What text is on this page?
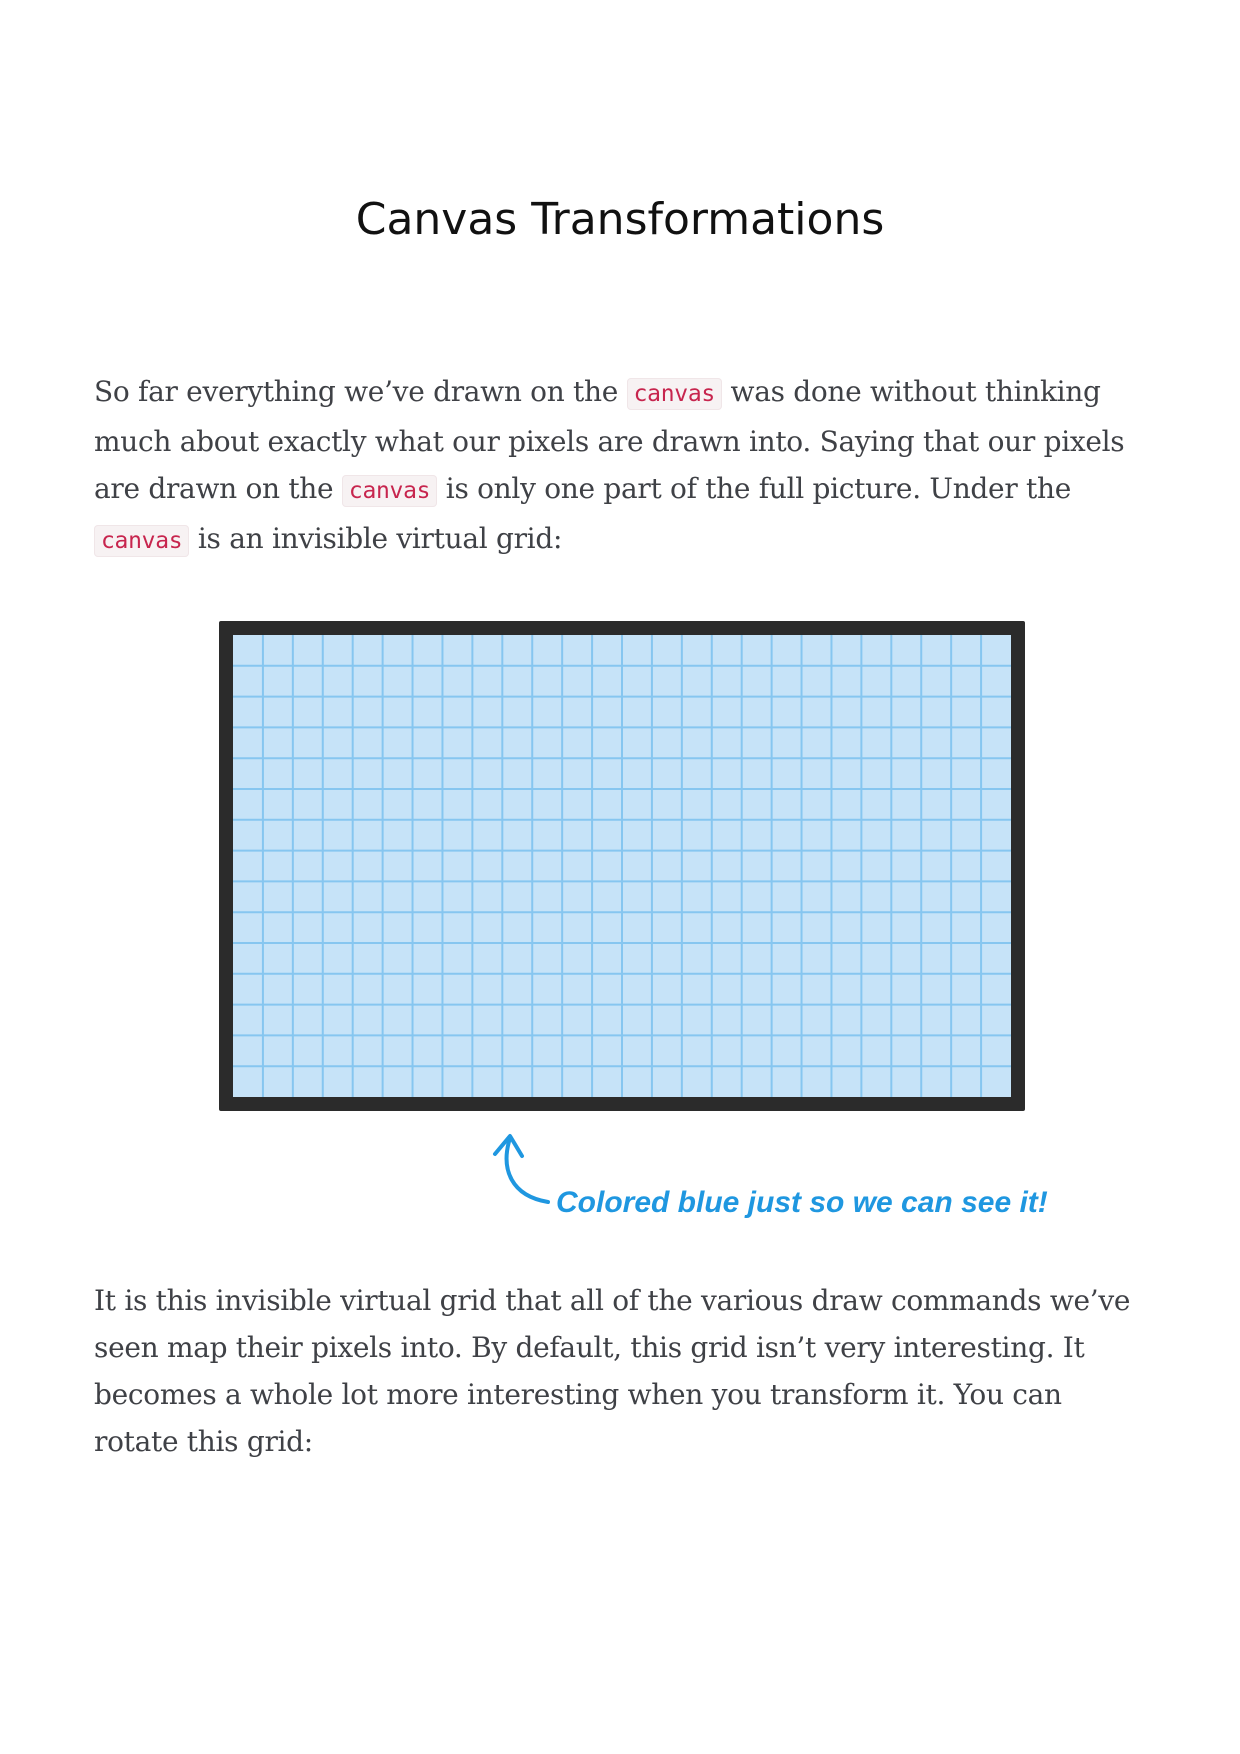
Canvas Transformations

So far everything we’ve drawn on the canvas was done without thinking much about exactly what our pixels are drawn into. Saying that our pixels are drawn on the canvas is only one part of the full picture. Under the canvas is an invisible virtual grid:

Colored blue just so we can see it!

It is this invisible virtual grid that all of the various draw commands we’ve seen map their pixels into. By default, this grid isn’t very interesting. It becomes a whole lot more interesting when you transform it. You can rotate this grid:
